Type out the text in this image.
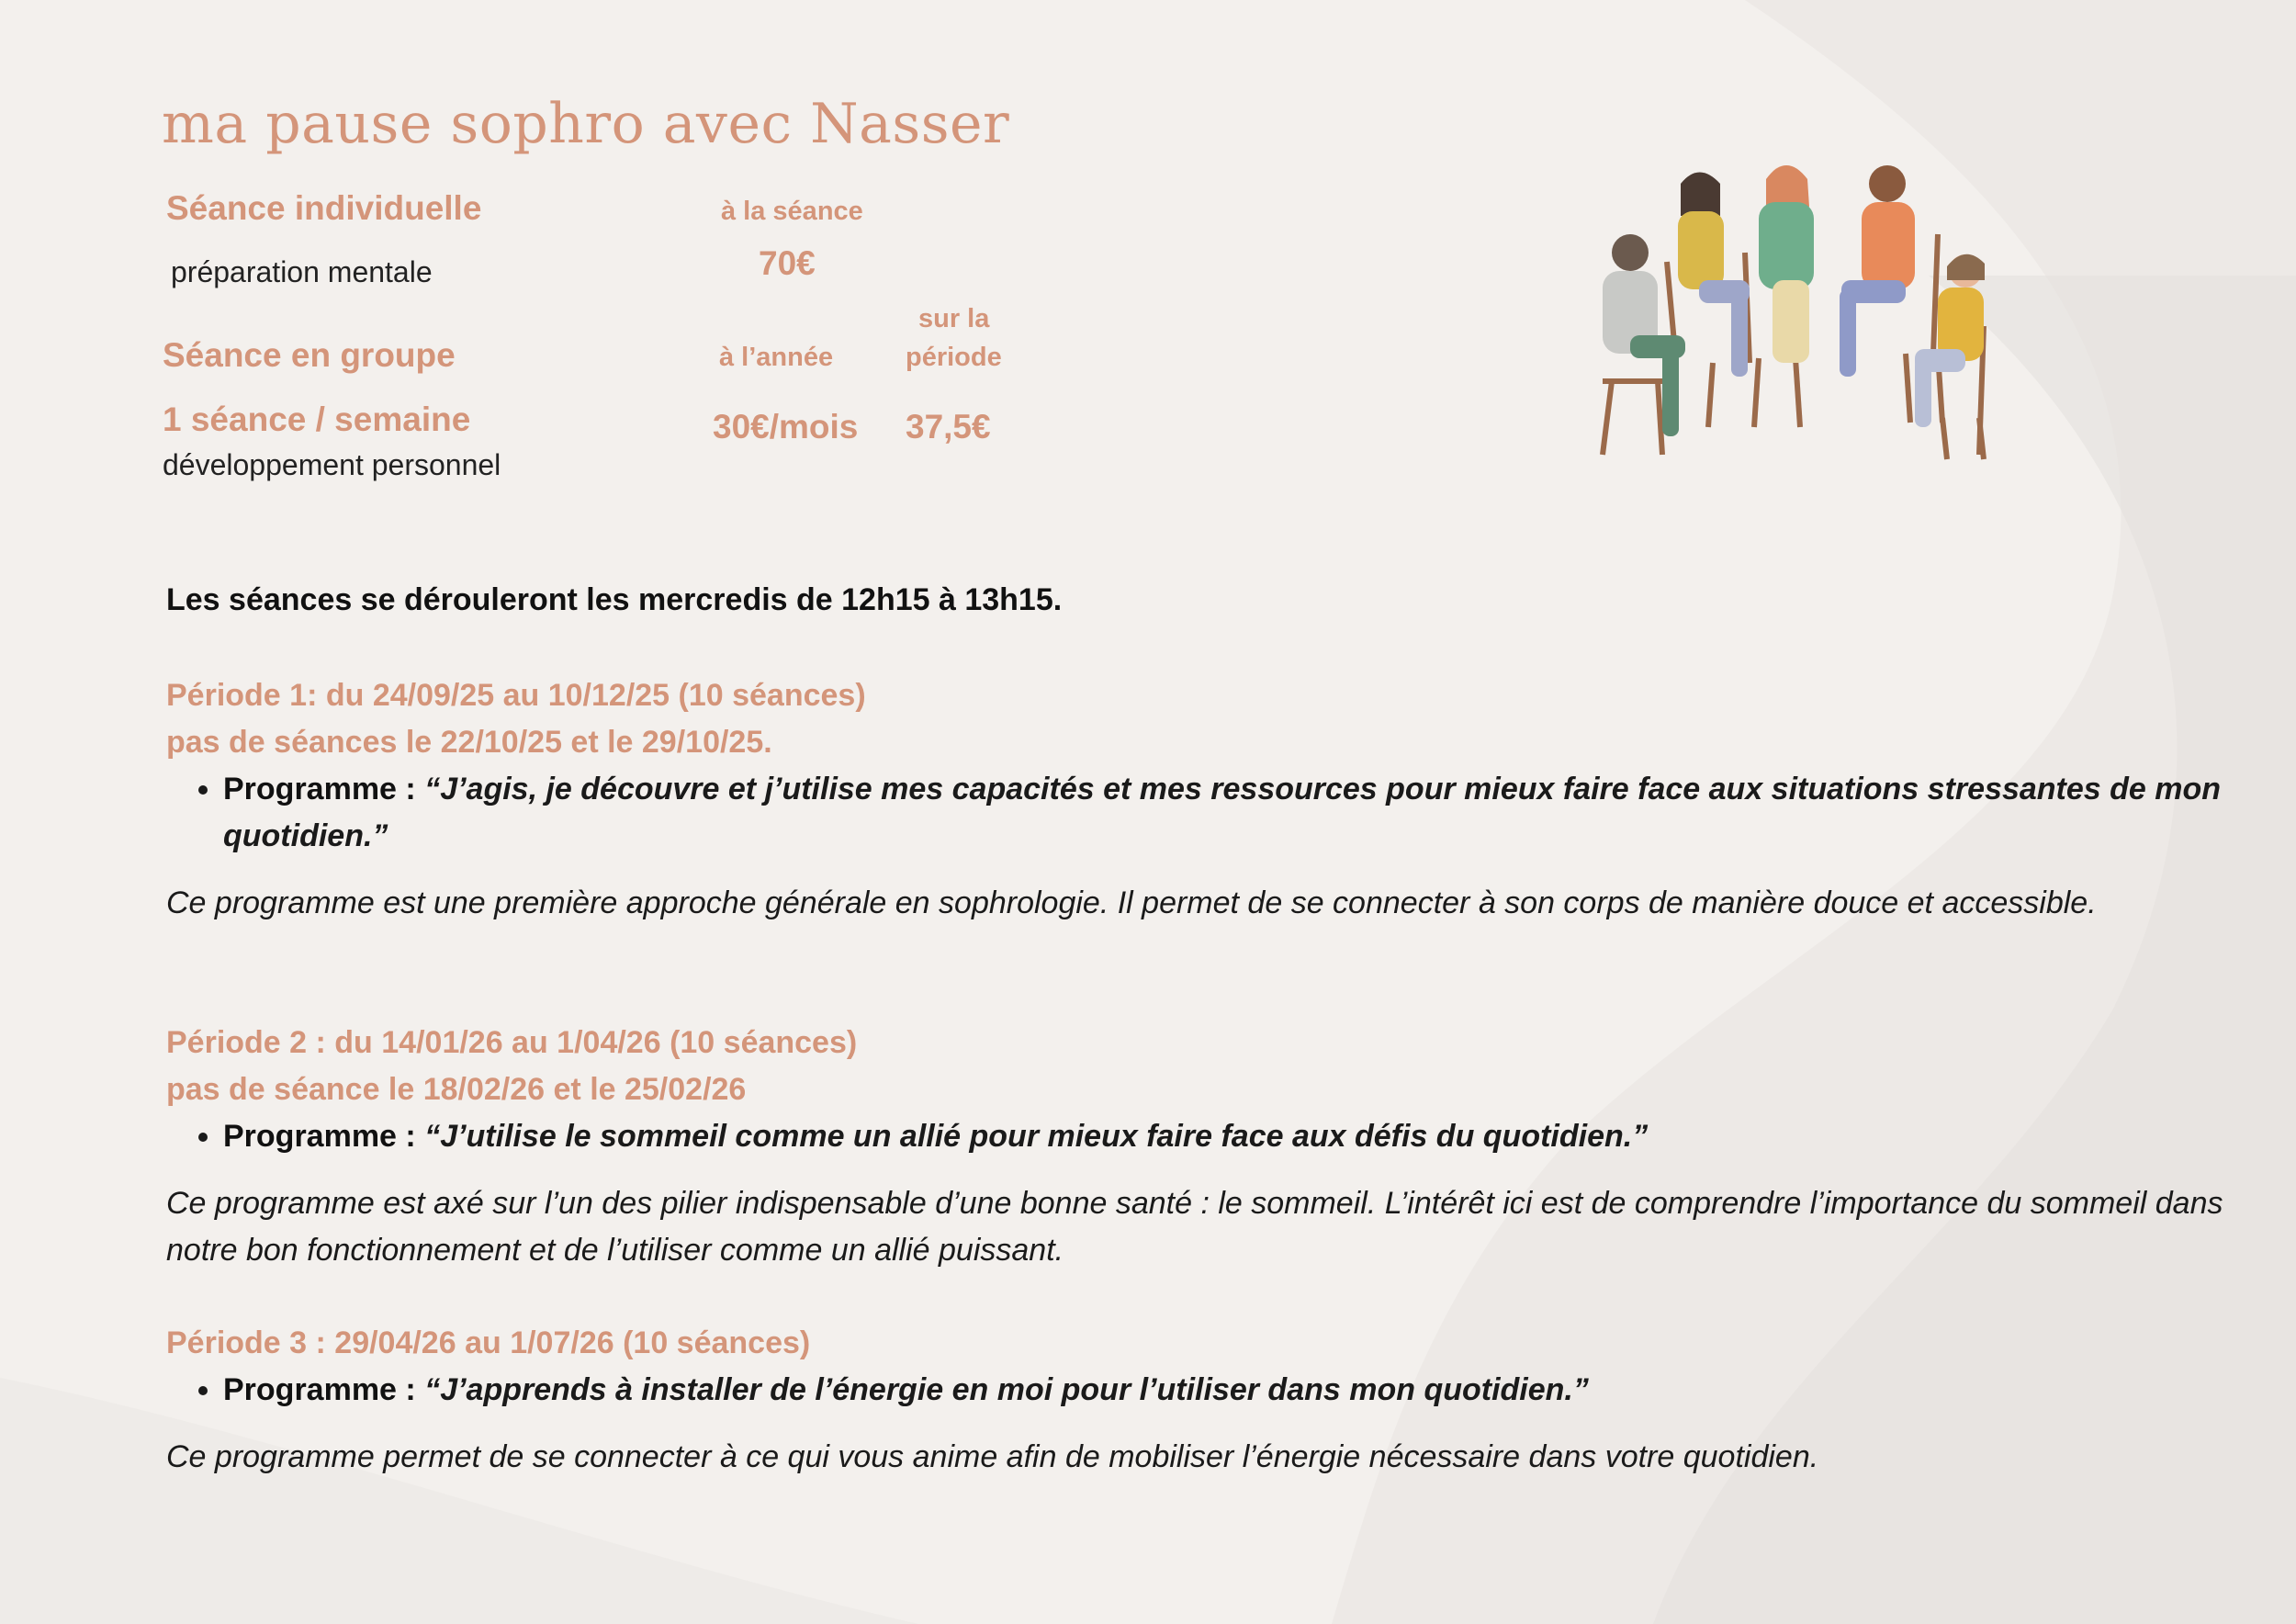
ma pause sophro avec Nasser
Séance individuelle
préparation mentale
à la séance
70€
sur la
période
Séance en groupe	à l’année
1 séance / semaine	30€/mois 37,5€
développement personnel
Les séances se dérouleront les mercredis de 12h15 à 13h15.
Période 1: du 24/09/25 au 10/12/25 (10 séances)
pas de séances le 22/10/25 et le 29/10/25.
• Programme : “J’agis, je découvre et j’utilise mes capacités et mes ressources pour mieux faire face aux situations stressantes de mon quotidien.”
Ce programme est une première approche générale en sophrologie. Il permet de se connecter à son corps de manière douce et accessible.
Période 2 : du 14/01/26 au 1/04/26 (10 séances)
pas de séance le 18/02/26 et le 25/02/26
• Programme : “J’utilise le sommeil comme un allié pour mieux faire face aux défis du quotidien.”
Ce programme est axé sur l’un des pilier indispensable d’une bonne santé : le sommeil. L’intérêt ici est de comprendre l’importance du sommeil dans notre bon fonctionnement et de l’utiliser comme un allié puissant.
Période 3 : 29/04/26 au 1/07/26 (10 séances)
• Programme : “J’apprends à installer de l’énergie en moi pour l’utiliser dans mon quotidien.”
Ce programme permet de se connecter à ce qui vous anime afin de mobiliser l’énergie nécessaire dans votre quotidien.
